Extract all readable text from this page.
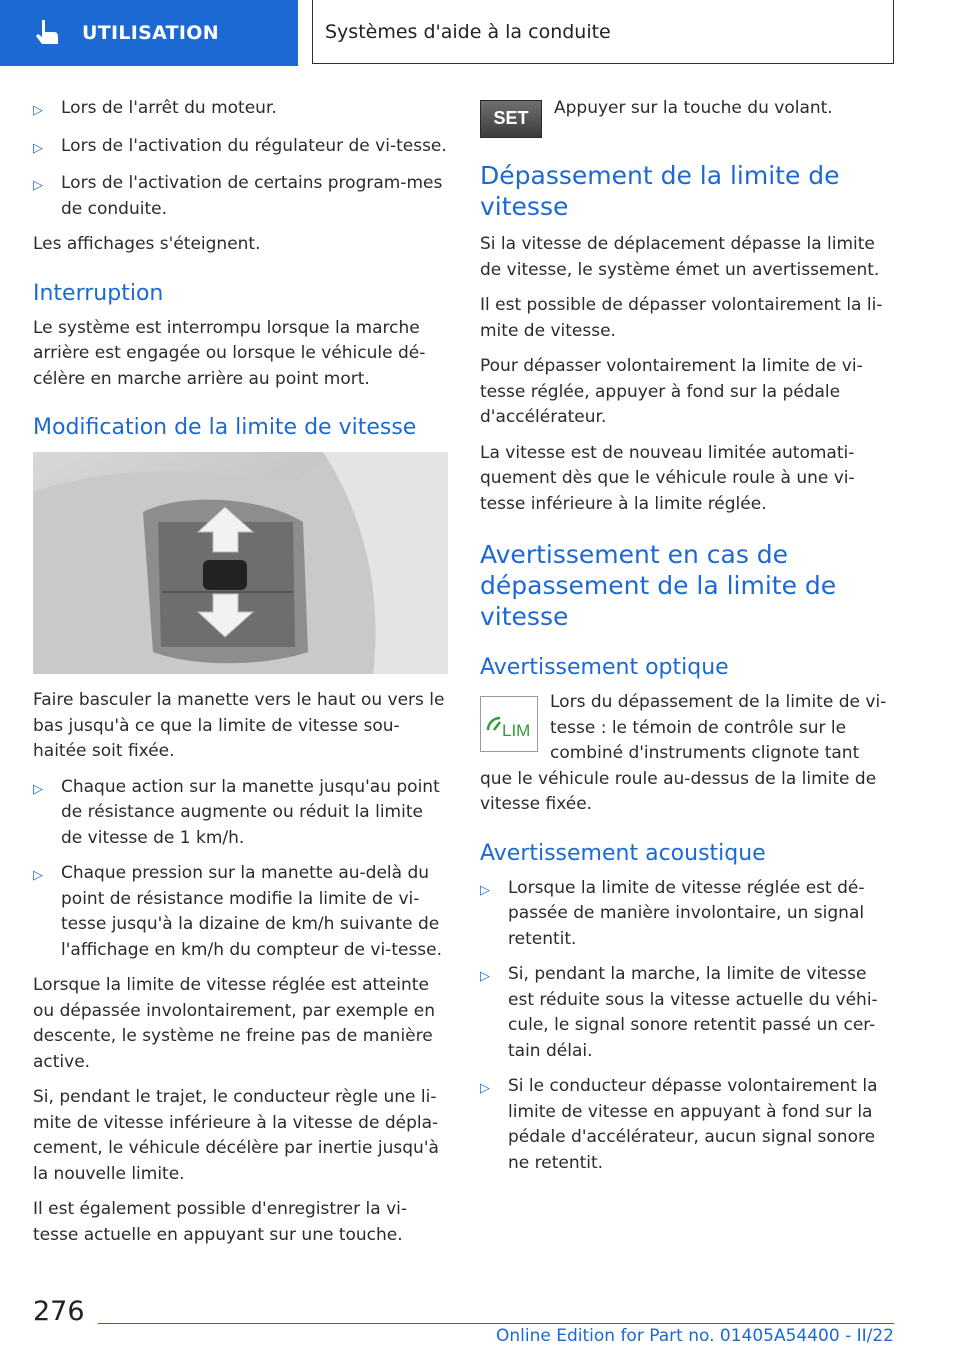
UTILISATION	Systèmes d'aide à la conduite
▷	Lors de l'arrêt du moteur.
▷	Lors de l'activation du régulateur de vi-tesse.
▷	Lors de l'activation de certains program-mes de conduite.

Les affichages s'éteignent.

Interruption

Le système est interrompu lorsque la marche arrière est engagée ou lorsque le véhicule dé-célère en marche arrière au point mort.

Modification de la limite de vitesse

Faire basculer la manette vers le haut ou vers le bas jusqu'à ce que la limite de vitesse sou-haitée soit fixée.

▷	Chaque action sur la manette jusqu'au point de résistance augmente ou réduit la limite de vitesse de 1 km/h.
▷	Chaque pression sur la manette au-delà du point de résistance modifie la limite de vi-tesse jusqu'à la dizaine de km/h suivante de l'affichage en km/h du compteur de vi-tesse.

Lorsque la limite de vitesse réglée est atteinte ou dépassée involontairement, par exemple en descente, le système ne freine pas de manière active.

Si, pendant le trajet, le conducteur règle une li-mite de vitesse inférieure à la vitesse de dépla-cement, le véhicule décélère par inertie jusqu'à la nouvelle limite.

Il est également possible d'enregistrer la vi-tesse actuelle en appuyant sur une touche.

SET
Appuyer sur la touche du volant.
Dépassement de la limite de vitesse

Si la vitesse de déplacement dépasse la limite de vitesse, le système émet un avertissement.

Il est possible de dépasser volontairement la li-mite de vitesse.

Pour dépasser volontairement la limite de vi-tesse réglée, appuyer à fond sur la pédale d'accélérateur.

La vitesse est de nouveau limitée automati-quement dès que le véhicule roule à une vi-tesse inférieure à la limite réglée.

Avertissement en cas de dépassement de la limite de vitesse
Avertissement optique
LIM
Lors du dépassement de la limite de vi-tesse : le témoin de contrôle sur le combiné d'instruments clignote tant que le véhicule roule au-dessus de la limite de vitesse fixée.
Avertissement acoustique
▷	Lorsque la limite de vitesse réglée est dé-passée de manière involontaire, un signal retentit.
▷	Si, pendant la marche, la limite de vitesse est réduite sous la vitesse actuelle du véhi-cule, le signal sonore retentit passé un cer-tain délai.
▷	Si le conducteur dépasse volontairement la limite de vitesse en appuyant à fond sur la pédale d'accélérateur, aucun signal sonore ne retentit.
276
Online Edition for Part no. 01405A54400 - II/22
